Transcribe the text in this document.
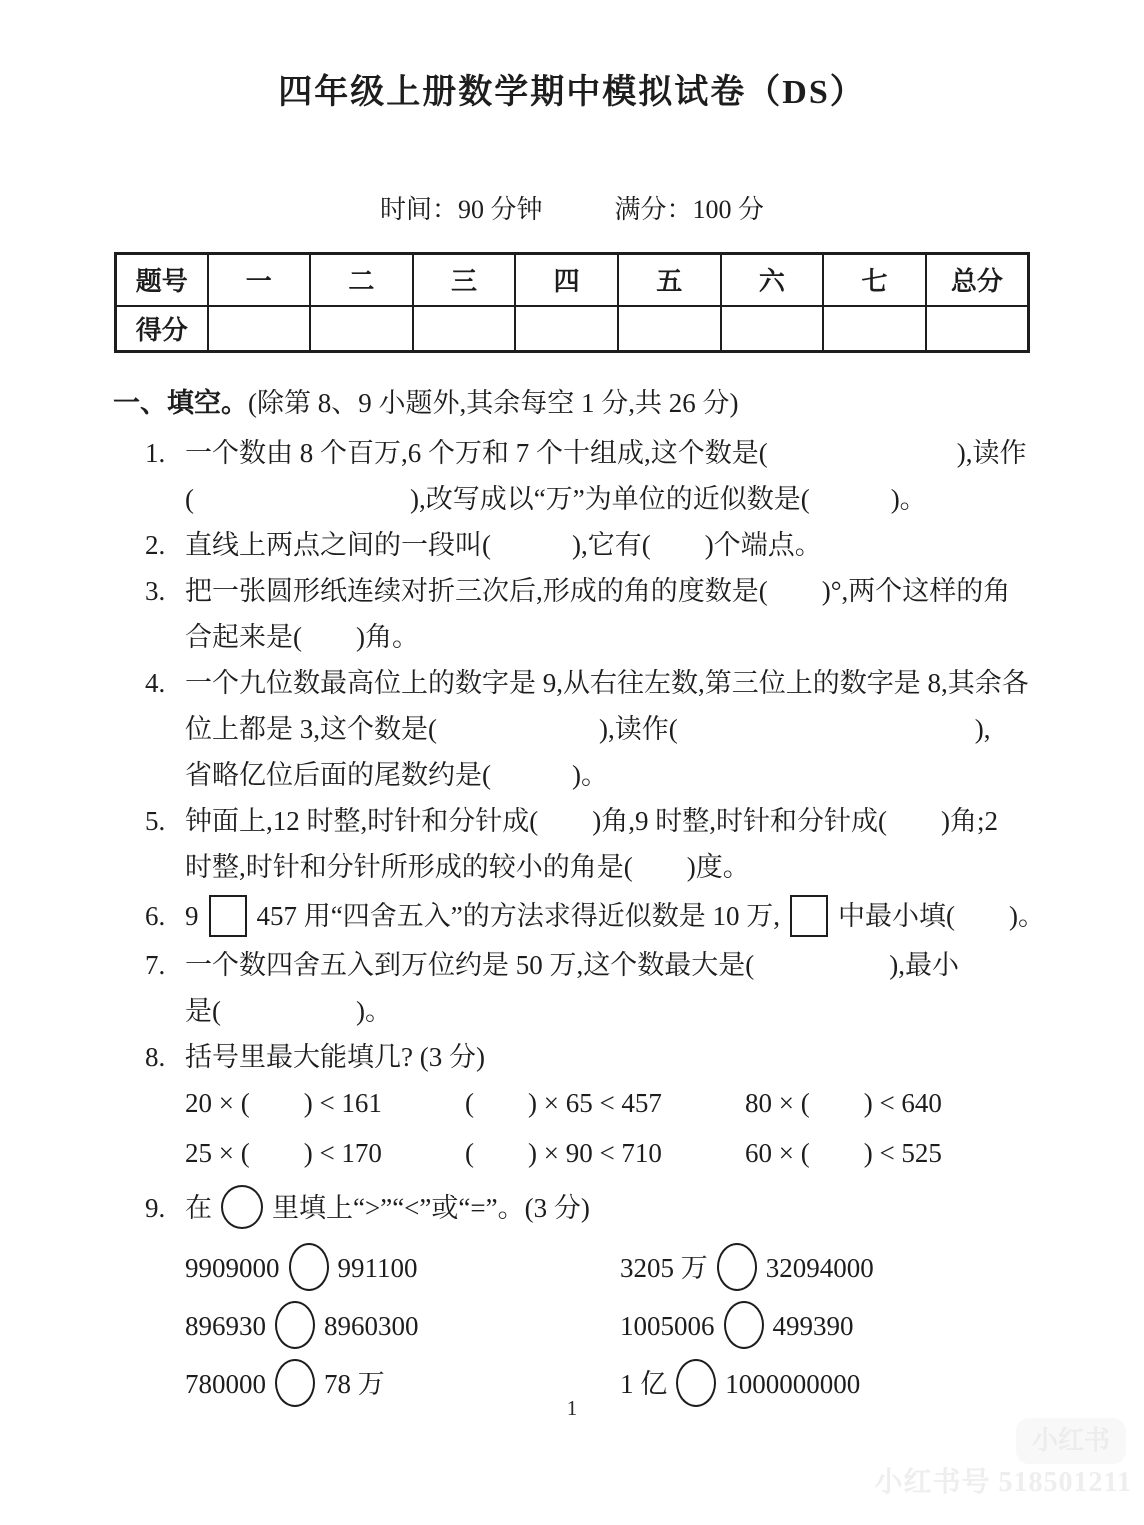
四年级上册数学期中模拟试卷（DS）
时间：90 分钟	满分：100 分
题号	一	二	三	四	五	六	七	总分
得分								
一、填空。(除第 8、9 小题外,其余每空 1 分,共 26 分)
1. 一个数由 8 个百万,6 个万和 7 个十组成,这个数是(　　　　　　　),读作
(　　　　　　　　),改写成以“万”为单位的近似数是(　　　)。
2. 直线上两点之间的一段叫(　　　),它有(　　)个端点。
3. 把一张圆形纸连续对折三次后,形成的角的度数是(　　)°,两个这样的角
合起来是(　　)角。
4. 一个九位数最高位上的数字是 9,从右往左数,第三位上的数字是 8,其余各
位上都是 3,这个数是(　　　　　　),读作(　　　　　　　　　　　),
省略亿位后面的尾数约是(　　　)。
5. 钟面上,12 时整,时针和分针成(　　)角,9 时整,时针和分针成(　　)角;2
时整,时针和分针所形成的较小的角是(　　)度。
6. 9 457 用“四舍五入”的方法求得近似数是 10 万, 中最小填(　　)。
7. 一个数四舍五入到万位约是 50 万,这个数最大是(　　　　　),最小
是(　　　　　)。
8. 括号里最大能填几? (3 分)
20 × (　　) < 161	(　　) × 65 < 457	80 × (　　) < 640
25 × (　　) < 170	(　　) × 90 < 710	60 × (　　) < 525
9. 在 里填上“>”“<”或“=”。(3 分)
9909000 991100	3205 万 32094000
896930 8960300	1005006 499390
780000 78 万	1 亿 1000000000
1
小红书
小红书号 518501211
